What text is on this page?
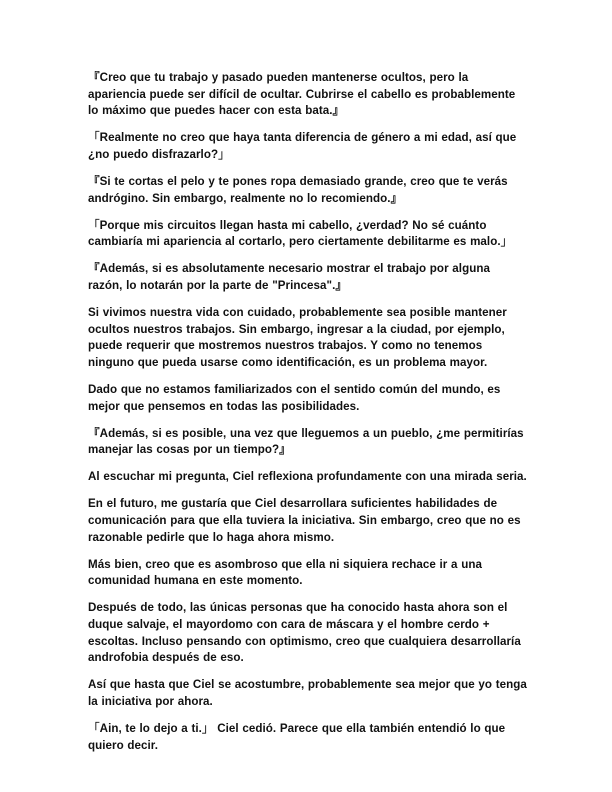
『Creo que tu trabajo y pasado pueden mantenerse ocultos, pero la apariencia puede ser difícil de ocultar. Cubrirse el cabello es probablemente lo máximo que puedes hacer con esta bata.』

「Realmente no creo que haya tanta diferencia de género a mi edad, así que ¿no puedo disfrazarlo?」

『Si te cortas el pelo y te pones ropa demasiado grande, creo que te verás andrógino. Sin embargo, realmente no lo recomiendo.』

「Porque mis circuitos llegan hasta mi cabello, ¿verdad? No sé cuánto cambiaría mi apariencia al cortarlo, pero ciertamente debilitarme es malo.」

『Además, si es absolutamente necesario mostrar el trabajo por alguna razón, lo notarán por la parte de "Princesa".』

Si vivimos nuestra vida con cuidado, probablemente sea posible mantener ocultos nuestros trabajos. Sin embargo, ingresar a la ciudad, por ejemplo, puede requerir que mostremos nuestros trabajos. Y como no tenemos ninguno que pueda usarse como identificación, es un problema mayor.

Dado que no estamos familiarizados con el sentido común del mundo, es mejor que pensemos en todas las posibilidades.

『Además, si es posible, una vez que lleguemos a un pueblo, ¿me permitirías manejar las cosas por un tiempo?』

Al escuchar mi pregunta, Ciel reflexiona profundamente con una mirada seria.

En el futuro, me gustaría que Ciel desarrollara suficientes habilidades de comunicación para que ella tuviera la iniciativa. Sin embargo, creo que no es razonable pedirle que lo haga ahora mismo.

Más bien, creo que es asombroso que ella ni siquiera rechace ir a una comunidad humana en este momento.

Después de todo, las únicas personas que ha conocido hasta ahora son el duque salvaje, el mayordomo con cara de máscara y el hombre cerdo + escoltas. Incluso pensando con optimismo, creo que cualquiera desarrollaría androfobia después de eso.

Así que hasta que Ciel se acostumbre, probablemente sea mejor que yo tenga la iniciativa por ahora.

「Ain, te lo dejo a ti.」 Ciel cedió. Parece que ella también entendió lo que quiero decir.
